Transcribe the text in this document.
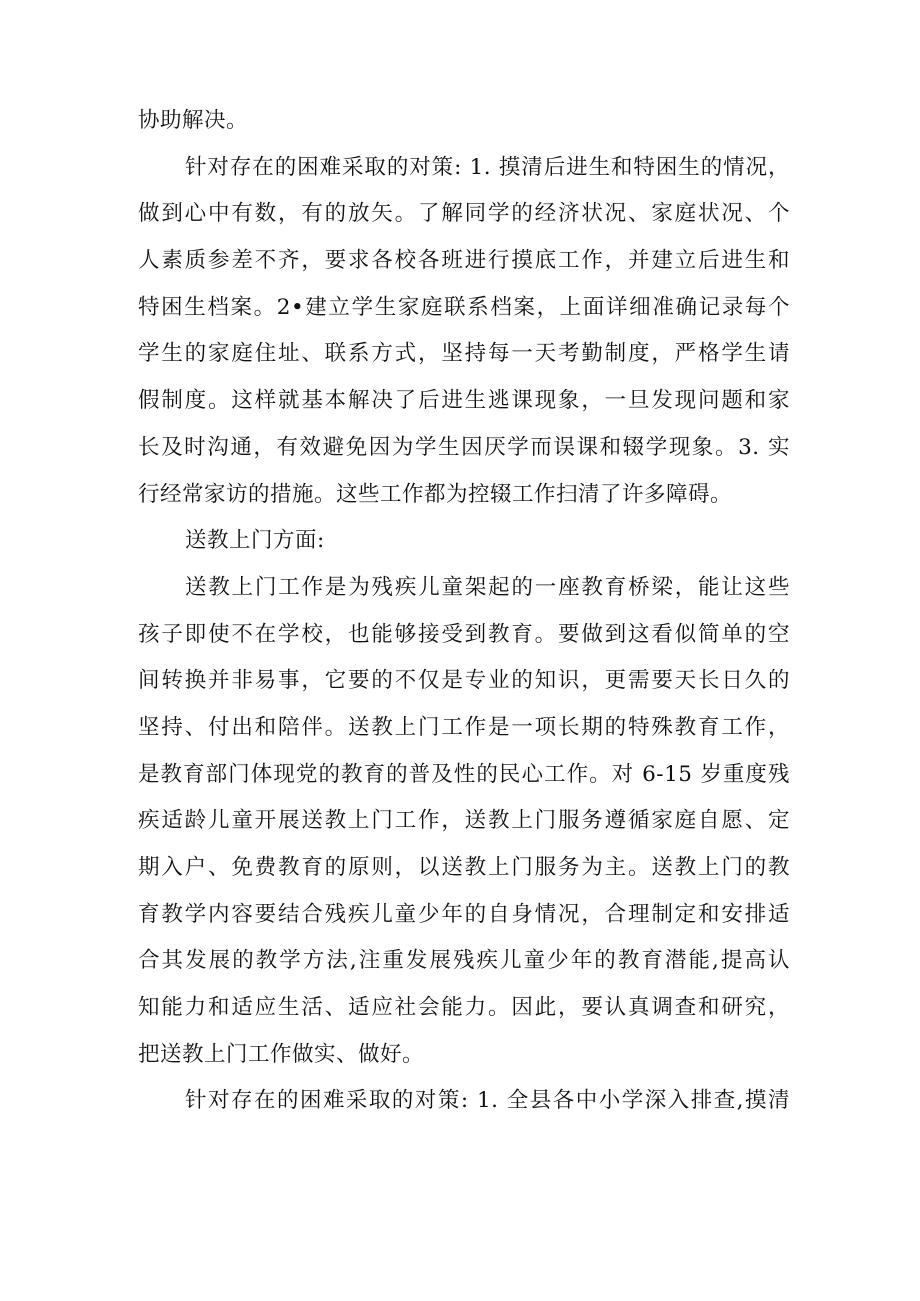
协助解决。
针对存在的困难采取的对策: 1. 摸清后进生和特困生的情况，
做到心中有数，有的放矢。了解同学的经济状况、家庭状况、个
人素质参差不齐，要求各校各班进行摸底工作，并建立后进生和
特困生档案。2•建立学生家庭联系档案，上面详细准确记录每个
学生的家庭住址、联系方式，坚持每一天考勤制度，严格学生请
假制度。这样就基本解决了后进生逃课现象，一旦发现问题和家
长及时沟通，有效避免因为学生因厌学而误课和辍学现象。3. 实
行经常家访的措施。这些工作都为控辍工作扫清了许多障碍。
送教上门方面:
送教上门工作是为残疾儿童架起的一座教育桥梁，能让这些
孩子即使不在学校，也能够接受到教育。要做到这看似简单的空
间转换并非易事，它要的不仅是专业的知识，更需要天长日久的
坚持、付出和陪伴。送教上门工作是一项长期的特殊教育工作，
是教育部门体现党的教育的普及性的民心工作。对 6-15 岁重度残
疾适龄儿童开展送教上门工作，送教上门服务遵循家庭自愿、定
期入户、免费教育的原则，以送教上门服务为主。送教上门的教
育教学内容要结合残疾儿童少年的自身情况，合理制定和安排适
合其发展的教学方法,注重发展残疾儿童少年的教育潜能,提高认
知能力和适应生活、适应社会能力。因此，要认真调查和研究，
把送教上门工作做实、做好。
针对存在的困难采取的对策: 1. 全县各中小学深入排查,摸清
